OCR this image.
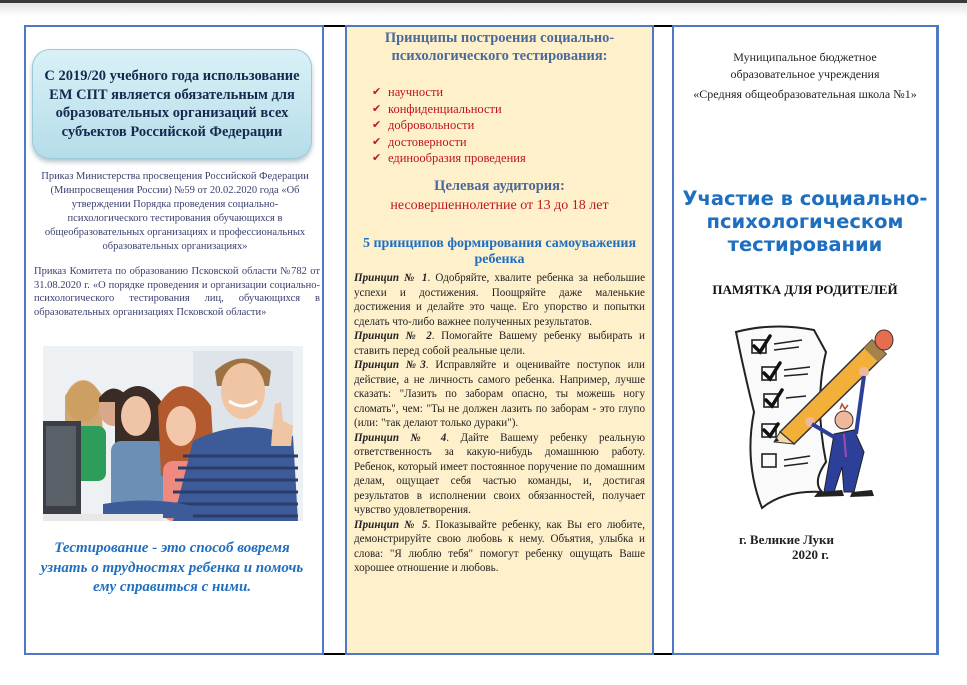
С 2019/20 учебного года использование ЕМ СПТ является обязательным для образовательных организаций всех субъектов Российской Федерации

Приказ Министерства просвещения Российской Федерации (Минпросвещения России) №59 от 20.02.2020 года «Об утверждении Порядка проведения социально-психологического тестирования обучающихся в общеобразовательных организациях и профессиональных образовательных организациях»

Приказ Комитета по образованию Псковской области №782 от 31.08.2020 г. «О порядке проведения и организации социально-психологического тестирования лиц, обучающихся в образовательных организациях Псковской области»

Тестирование - это способ вовремя узнать о трудностях ребенка и помочь ему справиться с ними.

Принципы построения социально-психологического тестирования:
✔ научности
✔ конфиденциальности
✔ добровольности
✔ достоверности
✔ единообразия проведения
Целевая аудитория:

несовершеннолетние от 13 до 18 лет

5 принципов формирования самоуважения ребенка

Принцип № 1. Одобряйте, хвалите ребенка за небольшие успехи и достижения. Поощряйте даже маленькие достижения и делайте это чаще. Его упорство и попытки сделать что-либо важнее полученных результатов.

Принцип № 2. Помогайте Вашему ребенку выбирать и ставить перед собой реальные цели.

Принцип №3. Исправляйте и оценивайте поступок или действие, а не личность самого ребенка. Например, лучше сказать: "Лазить по заборам опасно, ты можешь ногу сломать", чем: "Ты не должен лазить по заборам - это глупо (или: "так делают только дураки").

Принцип № 4. Дайте Вашему ребенку реальную ответственность за какую-нибудь домашнюю работу. Ребенок, который имеет постоянное поручение по домашним делам, ощущает себя частью команды, и, достигая результатов в исполнении своих обязанностей, получает чувство удовлетворения.

Принцип № 5. Показывайте ребенку, как Вы его любите, демонстрируйте свою любовь к нему. Объятия, улыбка и слова: "Я люблю тебя" помогут ребенку ощущать Ваше хорошее отношение и любовь.

Муниципальное бюджетное
образовательное учреждения
«Средняя общеобразовательная школа №1»
Участие в социально-психологическом тестировании
ПАМЯТКА ДЛЯ РОДИТЕЛЕЙ
г. Великие Луки
2020 г.
